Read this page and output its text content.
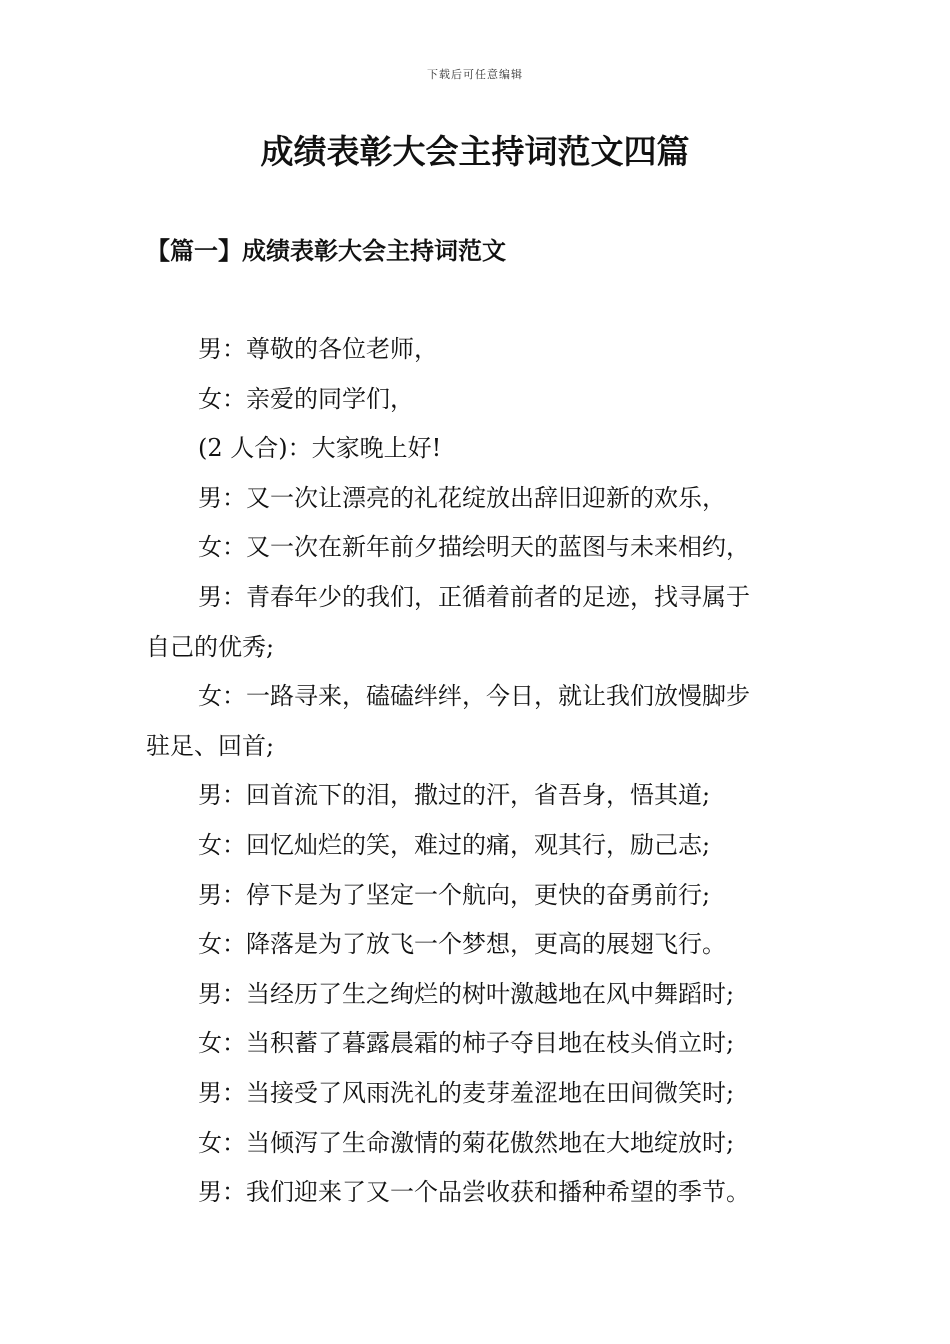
下载后可任意编辑
成绩表彰大会主持词范文四篇
【篇一】成绩表彰大会主持词范文
男：尊敬的各位老师，
女：亲爱的同学们，
(2 人合)：大家晚上好!
男：又一次让漂亮的礼花绽放出辞旧迎新的欢乐，
女：又一次在新年前夕描绘明天的蓝图与未来相约，
男：青春年少的我们，正循着前者的足迹，找寻属于
自己的优秀;
女：一路寻来，磕磕绊绊，今日，就让我们放慢脚步
驻足、回首;
男：回首流下的泪，撒过的汗，省吾身，悟其道;
女：回忆灿烂的笑，难过的痛，观其行，励己志;
男：停下是为了坚定一个航向，更快的奋勇前行;
女：降落是为了放飞一个梦想，更高的展翅飞行。
男：当经历了生之绚烂的树叶激越地在风中舞蹈时;
女：当积蓄了暮露晨霜的柿子夺目地在枝头俏立时;
男：当接受了风雨洗礼的麦芽羞涩地在田间微笑时;
女：当倾泻了生命激情的菊花傲然地在大地绽放时;
男：我们迎来了又一个品尝收获和播种希望的季节。
